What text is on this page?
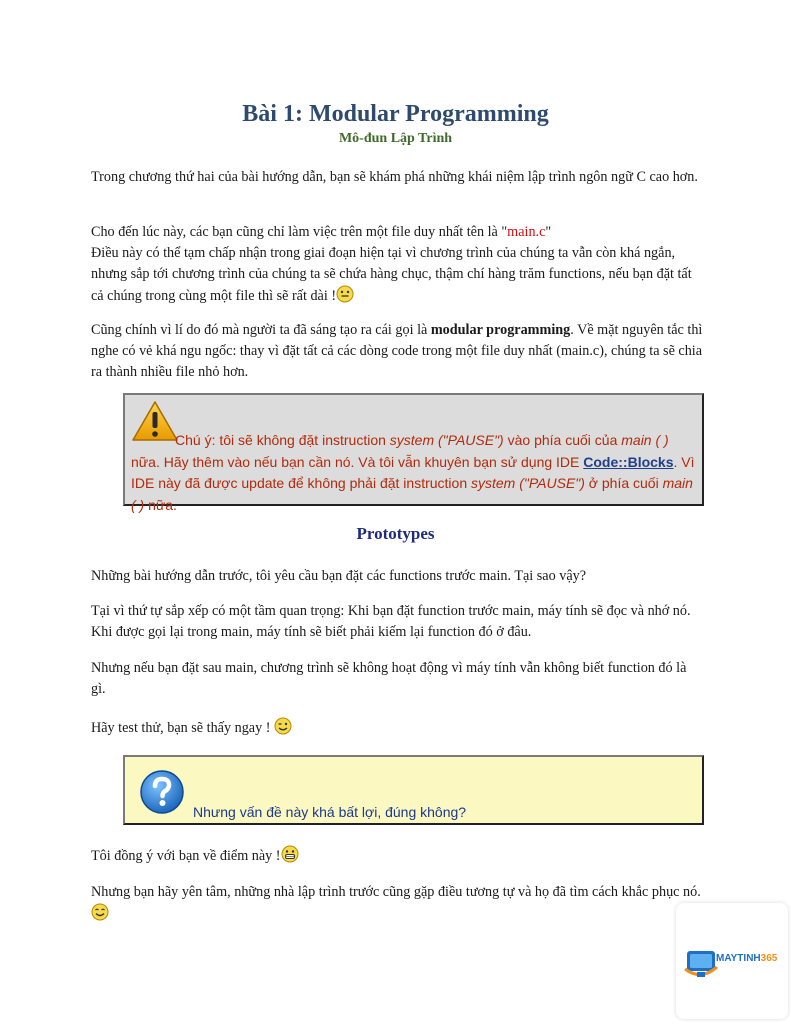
Bài 1: Modular Programming
Mô-đun Lập Trình
Trong chương thứ hai của bài hướng dẫn, bạn sẽ khám phá những khái niệm lập trình ngôn ngữ C cao hơn.
Cho đến lúc này, các bạn cũng chỉ làm việc trên một file duy nhất tên là "main.c"
Điều này có thể tạm chấp nhận trong giai đoạn hiện tại vì chương trình của chúng ta vẫn còn khá ngắn, nhưng sắp tới chương trình của chúng ta sẽ chứa hàng chục, thậm chí hàng trăm functions, nếu bạn đặt tất cả chúng trong cùng một file thì sẽ rất dài !
Cũng chính vì lí do đó mà người ta đã sáng tạo ra cái gọi là modular programming. Về mặt nguyên tắc thì nghe có vẻ khá ngu ngốc: thay vì đặt tất cả các dòng code trong một file duy nhất (main.c), chúng ta sẽ chia ra thành nhiều file nhỏ hơn.
Chú ý: tôi sẽ không đặt instruction system ("PAUSE") vào phía cuối của main ( ) nữa. Hãy thêm vào nếu bạn cần nó. Và tôi vẫn khuyên bạn sử dụng IDE Code::Blocks. Vì IDE này đã được update để không phải đặt instruction system ("PAUSE") ở phía cuối main ( ) nữa.
Prototypes
Những bài hướng dẫn trước, tôi yêu cầu bạn đặt các functions trước main. Tại sao vậy?
Tại vì thứ tự sắp xếp có một tầm quan trọng: Khi bạn đặt function trước main, máy tính sẽ đọc và nhớ nó. Khi được gọi lại trong main, máy tính sẽ biết phải kiếm lại function đó ở đâu.
Nhưng nếu bạn đặt sau main, chương trình sẽ không hoạt động vì máy tính vẫn không biết function đó là gì.
Hãy test thử, bạn sẽ thấy ngay !
Nhưng vấn đề này khá bất lợi, đúng không?
Tôi đồng ý với bạn về điểm này !
Nhưng bạn hãy yên tâm, những nhà lập trình trước cũng gặp điều tương tự và họ đã tìm cách khắc phục nó.
MAYTINH365
